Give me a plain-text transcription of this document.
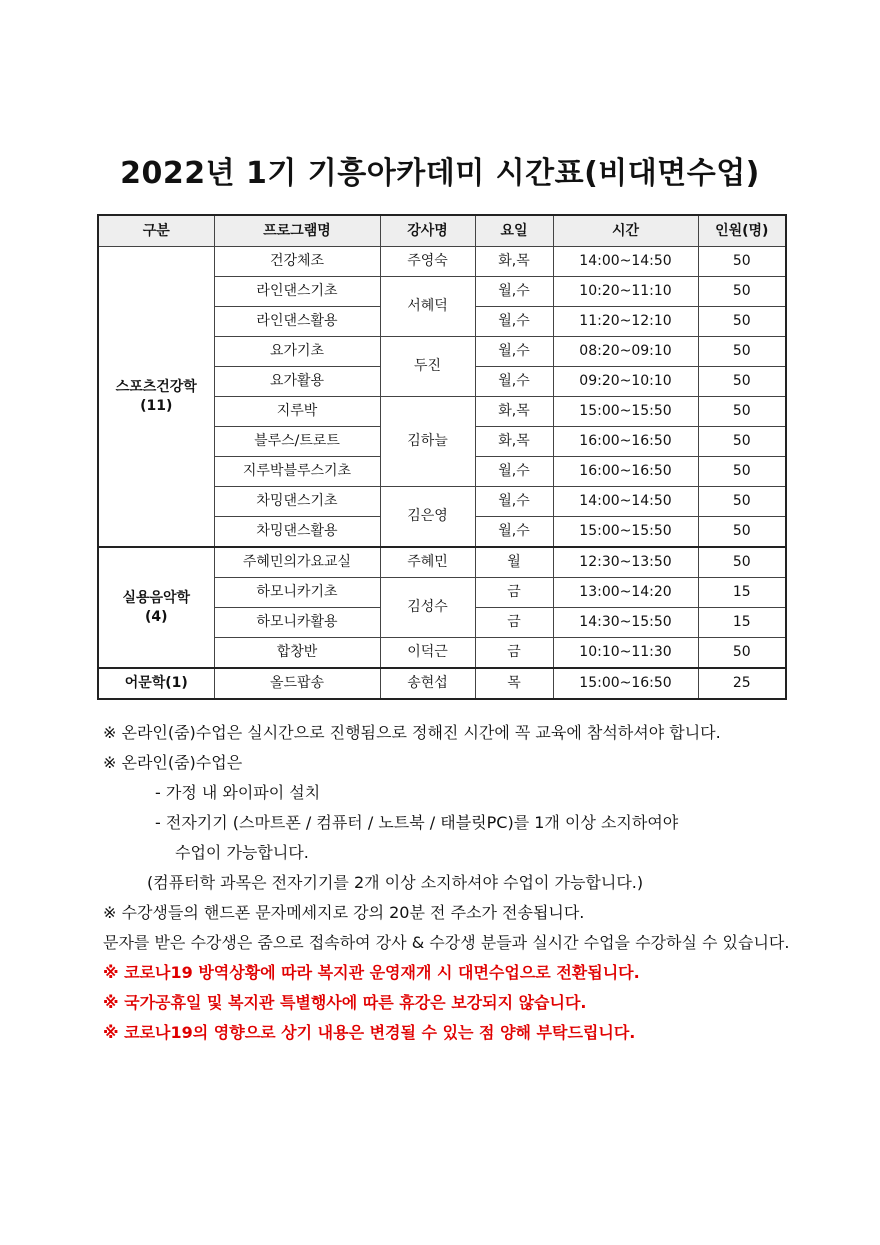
2022년 1기 기흥아카데미 시간표(비대면수업)
구분	프로그램명	강사명	요일	시간	인원(명)
스포츠건강학
(11)	건강체조	주영숙	화,목	14:00~14:50	50
	라인댄스기초	서혜덕	월,수	10:20~11:10	50
	라인댄스활용		월,수	11:20~12:10	50
	요가기초	두진	월,수	08:20~09:10	50
	요가활용		월,수	09:20~10:10	50
	지루박	김하늘	화,목	15:00~15:50	50
	블루스/트로트		화,목	16:00~16:50	50
	지루박블루스기초		월,수	16:00~16:50	50
	차밍댄스기초	김은영	월,수	14:00~14:50	50
	차밍댄스활용		월,수	15:00~15:50	50
실용음악학
(4)	주혜민의가요교실	주혜민	월	12:30~13:50	50
	하모니카기초	김성수	금	13:00~14:20	15
	하모니카활용		금	14:30~15:50	15
	합창반	이덕근	금	10:10~11:30	50
어문학(1)	올드팝송	송현섭	목	15:00~16:50	25

※ 온라인(줌)수업은 실시간으로 진행됨으로 정해진 시간에 꼭 교육에 참석하셔야 합니다.

※ 온라인(줌)수업은

- 가정 내 와이파이 설치

- 전자기기 (스마트폰 / 컴퓨터 / 노트북 / 태블릿PC)를 1개 이상 소지하여야

수업이 가능합니다.

(컴퓨터학 과목은 전자기기를 2개 이상 소지하셔야 수업이 가능합니다.)

※ 수강생들의 핸드폰 문자메세지로 강의 20분 전 주소가 전송됩니다.

문자를 받은 수강생은 줌으로 접속하여 강사 & 수강생 분들과 실시간 수업을 수강하실 수 있습니다.

※ 코로나19 방역상황에 따라 복지관 운영재개 시 대면수업으로 전환됩니다.

※ 국가공휴일 및 복지관 특별행사에 따른 휴강은 보강되지 않습니다.

※ 코로나19의 영향으로 상기 내용은 변경될 수 있는 점 양해 부탁드립니다.
